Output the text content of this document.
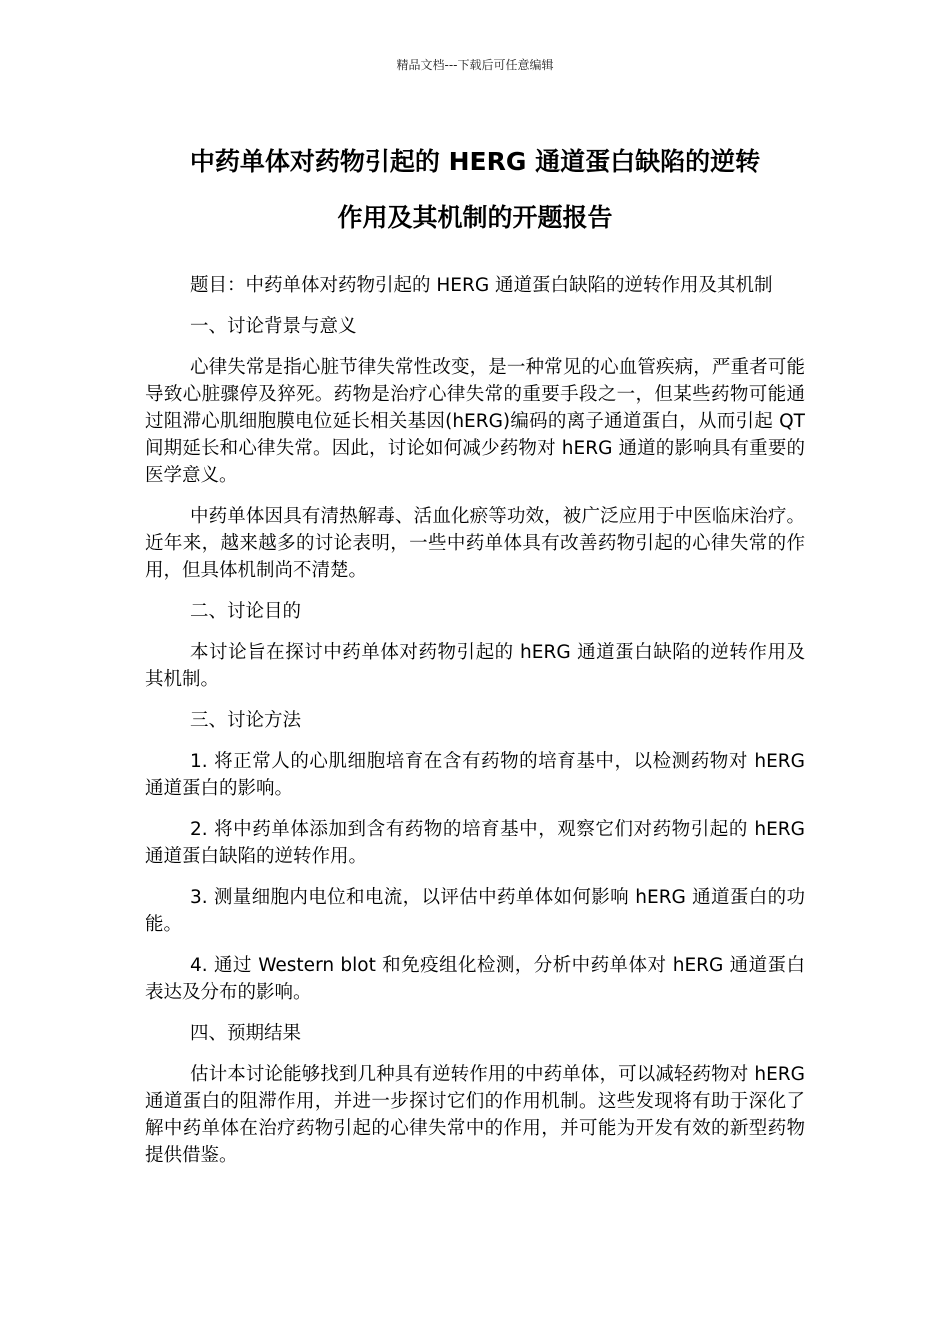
精品文档---下载后可任意编辑
中药单体对药物引起的 HERG 通道蛋白缺陷的逆转
作用及其机制的开题报告

题目：中药单体对药物引起的 HERG 通道蛋白缺陷的逆转作用及其机制

一、讨论背景与意义

心律失常是指心脏节律失常性改变，是一种常见的心血管疾病，严重者可能导致心脏骤停及猝死。药物是治疗心律失常的重要手段之一，但某些药物可能通过阻滞心肌细胞膜电位延长相关基因(hERG)编码的离子通道蛋白，从而引起 QT 间期延长和心律失常。因此，讨论如何减少药物对 hERG 通道的影响具有重要的医学意义。

中药单体因具有清热解毒、活血化瘀等功效，被广泛应用于中医临床治疗。近年来，越来越多的讨论表明，一些中药单体具有改善药物引起的心律失常的作用，但具体机制尚不清楚。

二、讨论目的

本讨论旨在探讨中药单体对药物引起的 hERG 通道蛋白缺陷的逆转作用及其机制。

三、讨论方法

1. 将正常人的心肌细胞培育在含有药物的培育基中，以检测药物对 hERG 通道蛋白的影响。

2. 将中药单体添加到含有药物的培育基中，观察它们对药物引起的 hERG 通道蛋白缺陷的逆转作用。

3. 测量细胞内电位和电流，以评估中药单体如何影响 hERG 通道蛋白的功能。

4. 通过 Western blot 和免疫组化检测，分析中药单体对 hERG 通道蛋白表达及分布的影响。

四、预期结果

估计本讨论能够找到几种具有逆转作用的中药单体，可以减轻药物对 hERG 通道蛋白的阻滞作用，并进一步探讨它们的作用机制。这些发现将有助于深化了解中药单体在治疗药物引起的心律失常中的作用，并可能为开发有效的新型药物提供借鉴。
